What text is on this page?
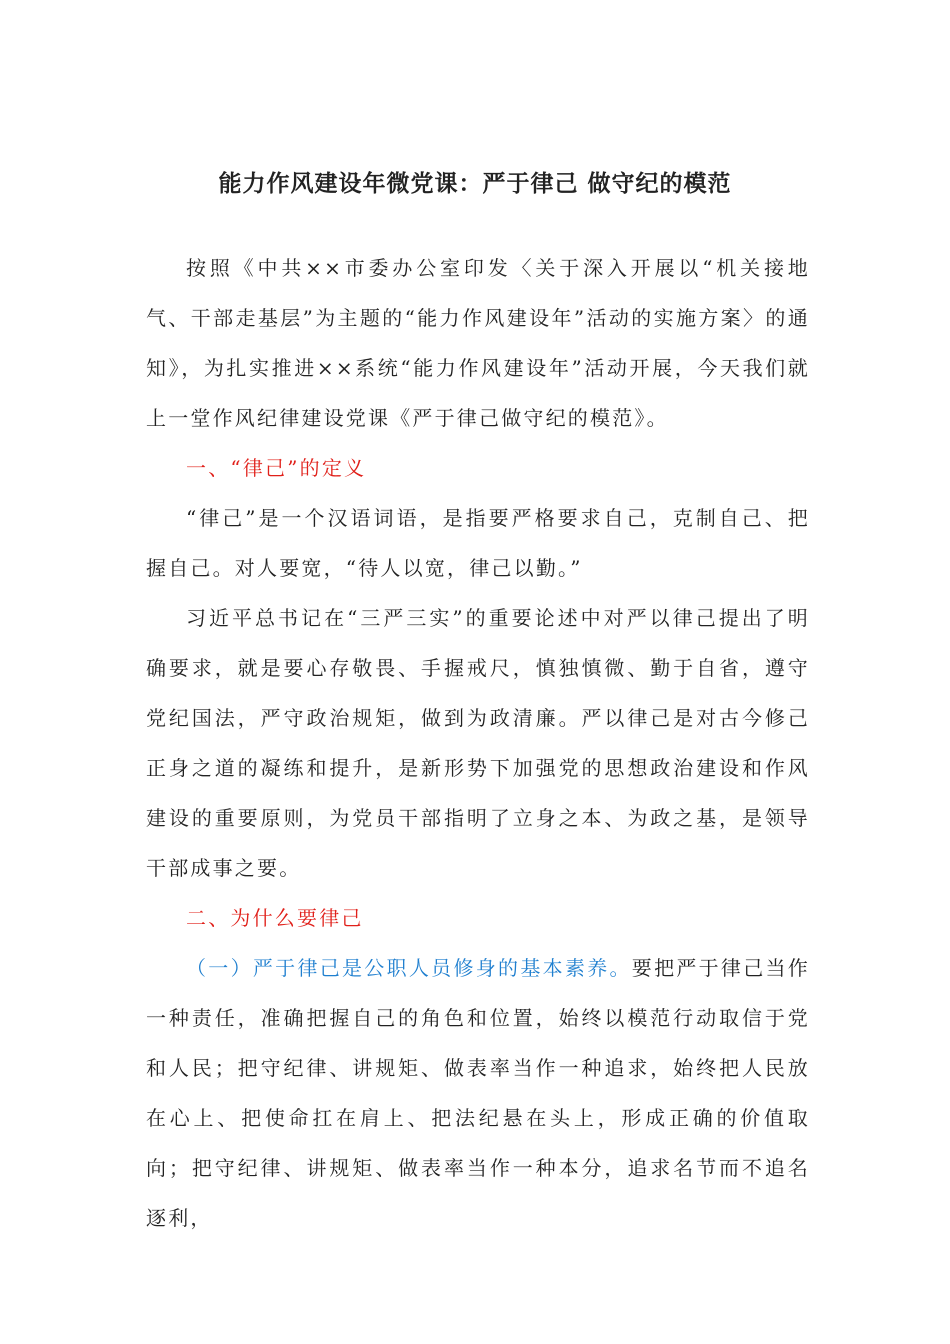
能力作风建设年微党课：严于律己 做守纪的模范

按照《中共××市委办公室印发〈关于深入开展以“机关接地气、干部走基层”为主题的“能力作风建设年”活动的实施方案〉的通知》，为扎实推进××系统“能力作风建设年”活动开展，今天我们就上一堂作风纪律建设党课《严于律己做守纪的模范》。

一、“律己”的定义

“律己”是一个汉语词语，是指要严格要求自己，克制自己、把握自己。对人要宽，“待人以宽，律己以勤。”

习近平总书记在“三严三实”的重要论述中对严以律己提出了明确要求，就是要心存敬畏、手握戒尺，慎独慎微、勤于自省，遵守党纪国法，严守政治规矩，做到为政清廉。严以律己是对古今修己正身之道的凝练和提升，是新形势下加强党的思想政治建设和作风建设的重要原则，为党员干部指明了立身之本、为政之基，是领导干部成事之要。

二、为什么要律己

（一）严于律己是公职人员修身的基本素养。要把严于律己当作一种责任，准确把握自己的角色和位置，始终以模范行动取信于党和人民；把守纪律、讲规矩、做表率当作一种追求，始终把人民放在心上、把使命扛在肩上、把法纪悬在头上，形成正确的价值取向；把守纪律、讲规矩、做表率当作一种本分，追求名节而不追名逐利，
